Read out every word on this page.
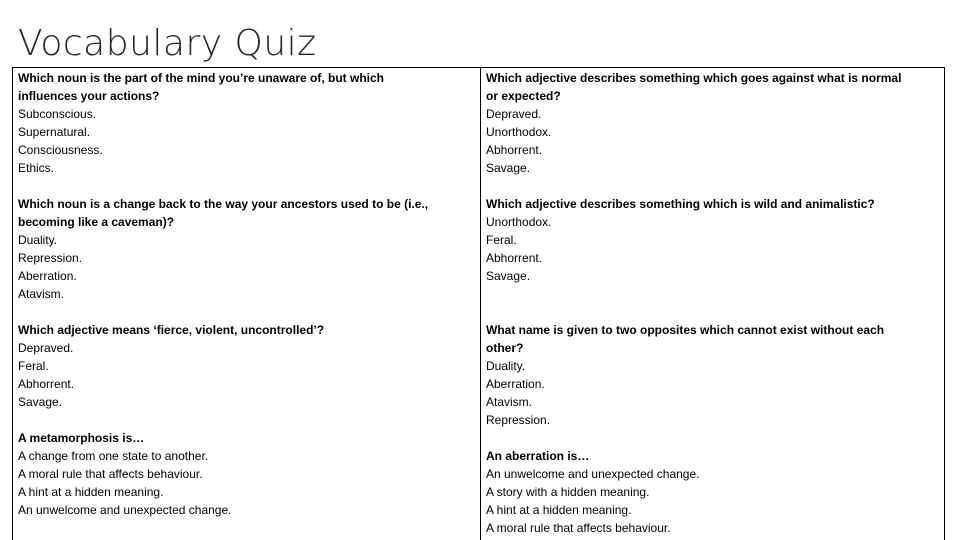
Vocabulary Quiz
Which noun is the part of the mind you’re unaware of, but which
influences your actions?
Subconscious.
Supernatural.
Consciousness.
Ethics.
Which adjective describes something which goes against what is normal
or expected?
Depraved.
Unorthodox.
Abhorrent.
Savage.
Which noun is a change back to the way your ancestors used to be (i.e.,
becoming like a caveman)?
Duality.
Repression.
Aberration.
Atavism.
Which adjective describes something which is wild and animalistic?
Unorthodox.
Feral.
Abhorrent.
Savage.
Which adjective means ‘fierce, violent, uncontrolled’?
Depraved.
Feral.
Abhorrent.
Savage.
What name is given to two opposites which cannot exist without each
other?
Duality.
Aberration.
Atavism.
Repression.
A metamorphosis is…
A change from one state to another.
A moral rule that affects behaviour.
A hint at a hidden meaning.
An unwelcome and unexpected change.
An aberration is…
An unwelcome and unexpected change.
A story with a hidden meaning.
A hint at a hidden meaning.
A moral rule that affects behaviour.
